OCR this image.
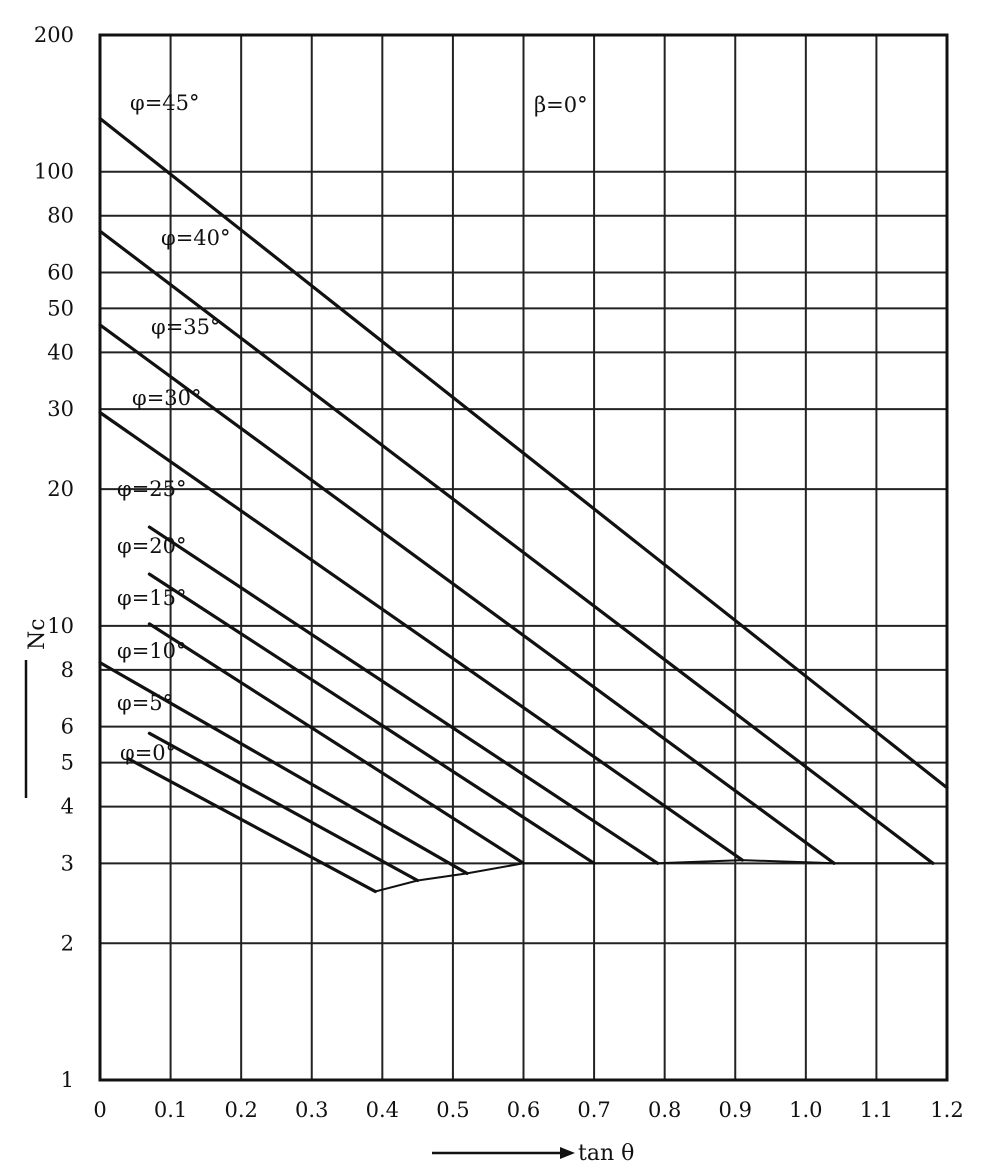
φ=0°
φ=5°
φ=10°
φ=15°
φ=20°
φ=25°
φ=30°
φ=35°
φ=40°
φ=45°
0 0.1 0.2 0.3 0.4 0.5 0.6 0.7 0.8 0.9 1.0 1.1 1.2
1
2
3
4
5
6
8
10
20
30
40
50
60
80
100
200
β=0°
Nc
tan θ
